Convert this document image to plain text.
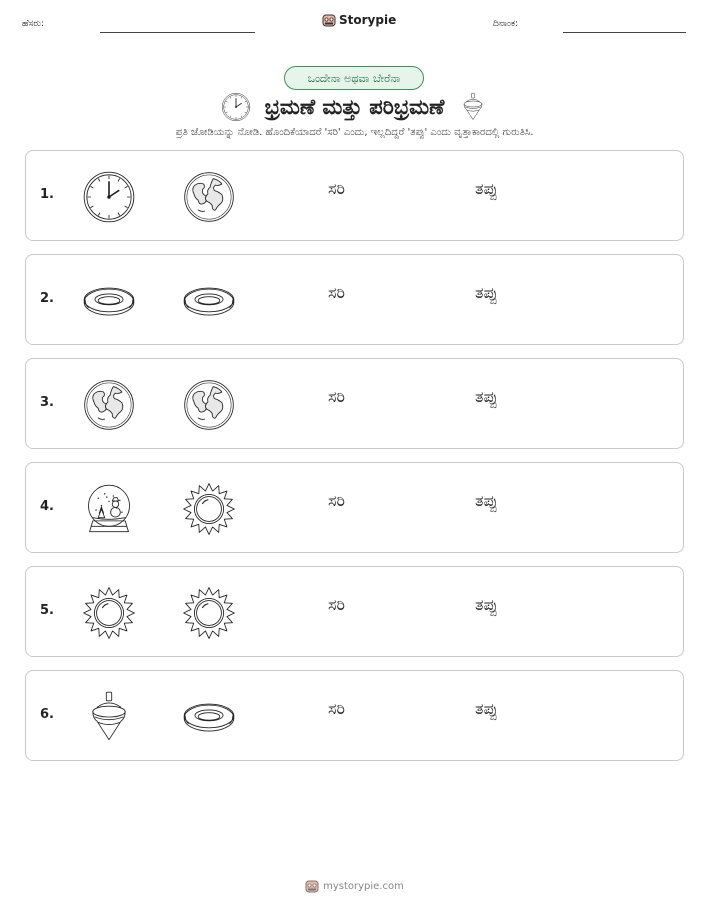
ಹೆಸರು:	Storypie	ದಿನಾಂಕ:
ಒಂದೇನಾ ಅಥವಾ ಬೇರೆನಾ
ಭ್ರಮಣೆ ಮತ್ತು ಪರಿಭ್ರಮಣೆ
ಪ್ರತಿ ಜೋಡಿಯನ್ನು ನೋಡಿ. ಹೊಂದಿಕೆಯಾದರೆ 'ಸರಿ' ಎಂದು, ಇಲ್ಲದಿದ್ದರೆ 'ತಪ್ಪು' ಎಂದು ವೃತ್ತಾಕಾರದಲ್ಲಿ ಗುರುತಿಸಿ.
1.	ಸರಿ	ತಪ್ಪು
2.	ಸರಿ	ತಪ್ಪು
3.	ಸರಿ	ತಪ್ಪು
4.	ಸರಿ	ತಪ್ಪು
5.	ಸರಿ	ತಪ್ಪು
6.	ಸರಿ	ತಪ್ಪು
mystorypie.com
